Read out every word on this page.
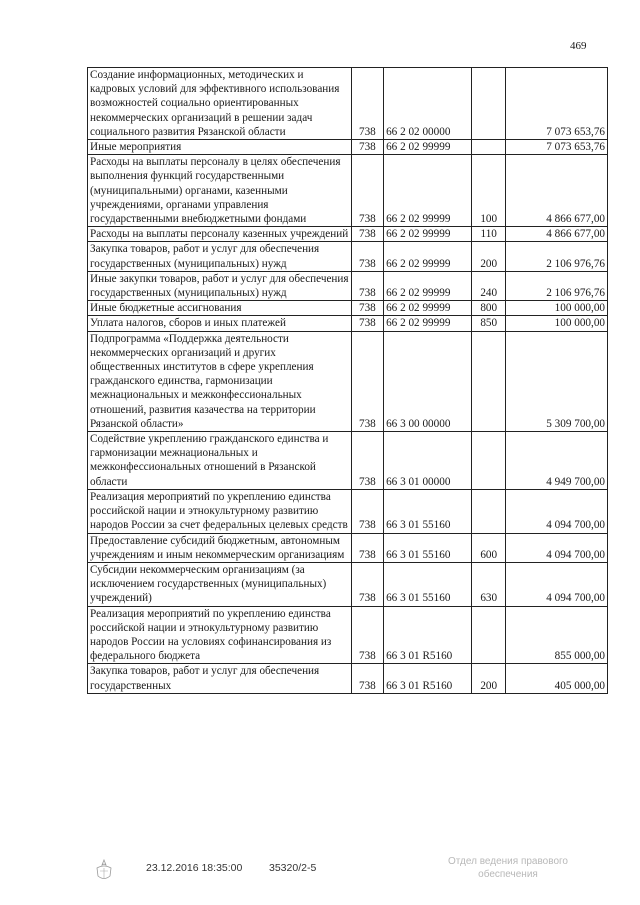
469
Создание информационных, методических и кадровых условий для эффективного использования возможностей социально ориентированных некоммерческих организаций в решении задач социального развития Рязанской области	738	66 2 02 00000		7 073 653,76
Иные мероприятия	738	66 2 02 99999		7 073 653,76
Расходы на выплаты персоналу в целях обеспечения выполнения функций государственными (муниципальными) органами, казенными учреждениями, органами управления государственными внебюджетными фондами	738	66 2 02 99999	100	4 866 677,00
Расходы на выплаты персоналу казенных учреждений	738	66 2 02 99999	110	4 866 677,00
Закупка товаров, работ и услуг для обеспечения государственных (муниципальных) нужд	738	66 2 02 99999	200	2 106 976,76
Иные закупки товаров, работ и услуг для обеспечения государственных (муниципальных) нужд	738	66 2 02 99999	240	2 106 976,76
Иные бюджетные ассигнования	738	66 2 02 99999	800	100 000,00
Уплата налогов, сборов и иных платежей	738	66 2 02 99999	850	100 000,00
Подпрограмма «Поддержка деятельности некоммерческих организаций и других общественных институтов в сфере укрепления гражданского единства, гармонизации межнациональных и межконфессиональных отношений, развития казачества на территории Рязанской области»	738	66 3 00 00000		5 309 700,00
Содействие укреплению гражданского единства и гармонизации межнациональных и межконфессиональных отношений в Рязанской области	738	66 3 01 00000		4 949 700,00
Реализация мероприятий по укреплению единства российской нации и этнокультурному развитию народов России за счет федеральных целевых средств	738	66 3 01 55160		4 094 700,00
Предоставление субсидий бюджетным, автономным учреждениям и иным некоммерческим организациям	738	66 3 01 55160	600	4 094 700,00
Субсидии некоммерческим организациям (за исключением государственных (муниципальных) учреждений)	738	66 3 01 55160	630	4 094 700,00
Реализация мероприятий по укреплению единства российской нации и этнокультурному развитию народов России на условиях софинансирования из федерального бюджета	738	66 3 01 R5160		855 000,00
Закупка товаров, работ и услуг для обеспечения государственных	738	66 3 01 R5160	200	405 000,00
23.12.2016 18:35:00	35320/2-5
Отдел ведения правового
обеспечения
